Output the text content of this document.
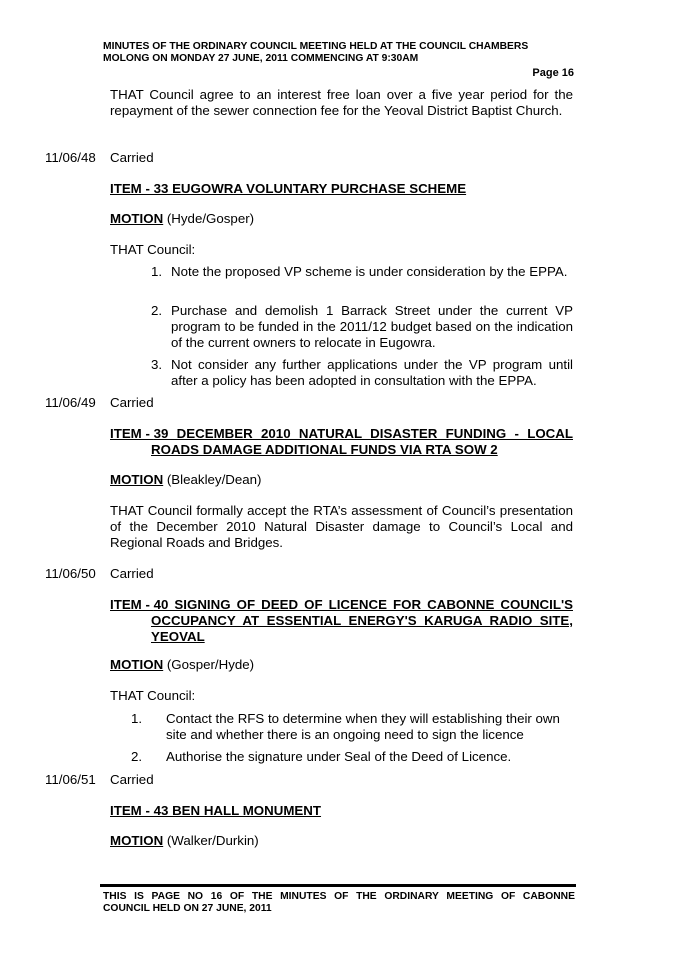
MINUTES OF THE ORDINARY COUNCIL MEETING HELD AT THE COUNCIL CHAMBERS
MOLONG ON MONDAY 27 JUNE, 2011 COMMENCING AT 9:30AM
Page 16
THAT Council agree to an interest free loan over a five year period for the repayment of the sewer connection fee for the Yeoval District Baptist Church.
11/06/48 Carried
ITEM - 33 EUGOWRA VOLUNTARY PURCHASE SCHEME
MOTION (Hyde/Gosper)
THAT Council:
1. Note the proposed VP scheme is under consideration by the EPPA.
2. Purchase and demolish 1 Barrack Street under the current VP program to be funded in the 2011/12 budget based on the indication of the current owners to relocate in Eugowra.
3. Not consider any further applications under the VP program until after a policy has been adopted in consultation with the EPPA.
11/06/49 Carried
ITEM - 39 DECEMBER 2010 NATURAL DISASTER FUNDING - LOCAL
ROADS DAMAGE ADDITIONAL FUNDS VIA RTA SOW 2
MOTION (Bleakley/Dean)
THAT Council formally accept the RTA’s assessment of Council’s presentation of the December 2010 Natural Disaster damage to Council’s Local and Regional Roads and Bridges.
11/06/50 Carried
ITEM - 40 SIGNING OF DEED OF LICENCE FOR CABONNE COUNCIL'S
OCCUPANCY AT ESSENTIAL ENERGY'S KARUGA RADIO SITE,
YEOVAL
MOTION (Gosper/Hyde)
THAT Council:
1. Contact the RFS to determine when they will establishing their own site and whether there is an ongoing need to sign the licence
2. Authorise the signature under Seal of the Deed of Licence.
11/06/51 Carried
ITEM - 43 BEN HALL MONUMENT
MOTION (Walker/Durkin)
THIS IS PAGE NO 16 OF THE MINUTES OF THE ORDINARY MEETING OF CABONNE
COUNCIL HELD ON 27 JUNE, 2011
